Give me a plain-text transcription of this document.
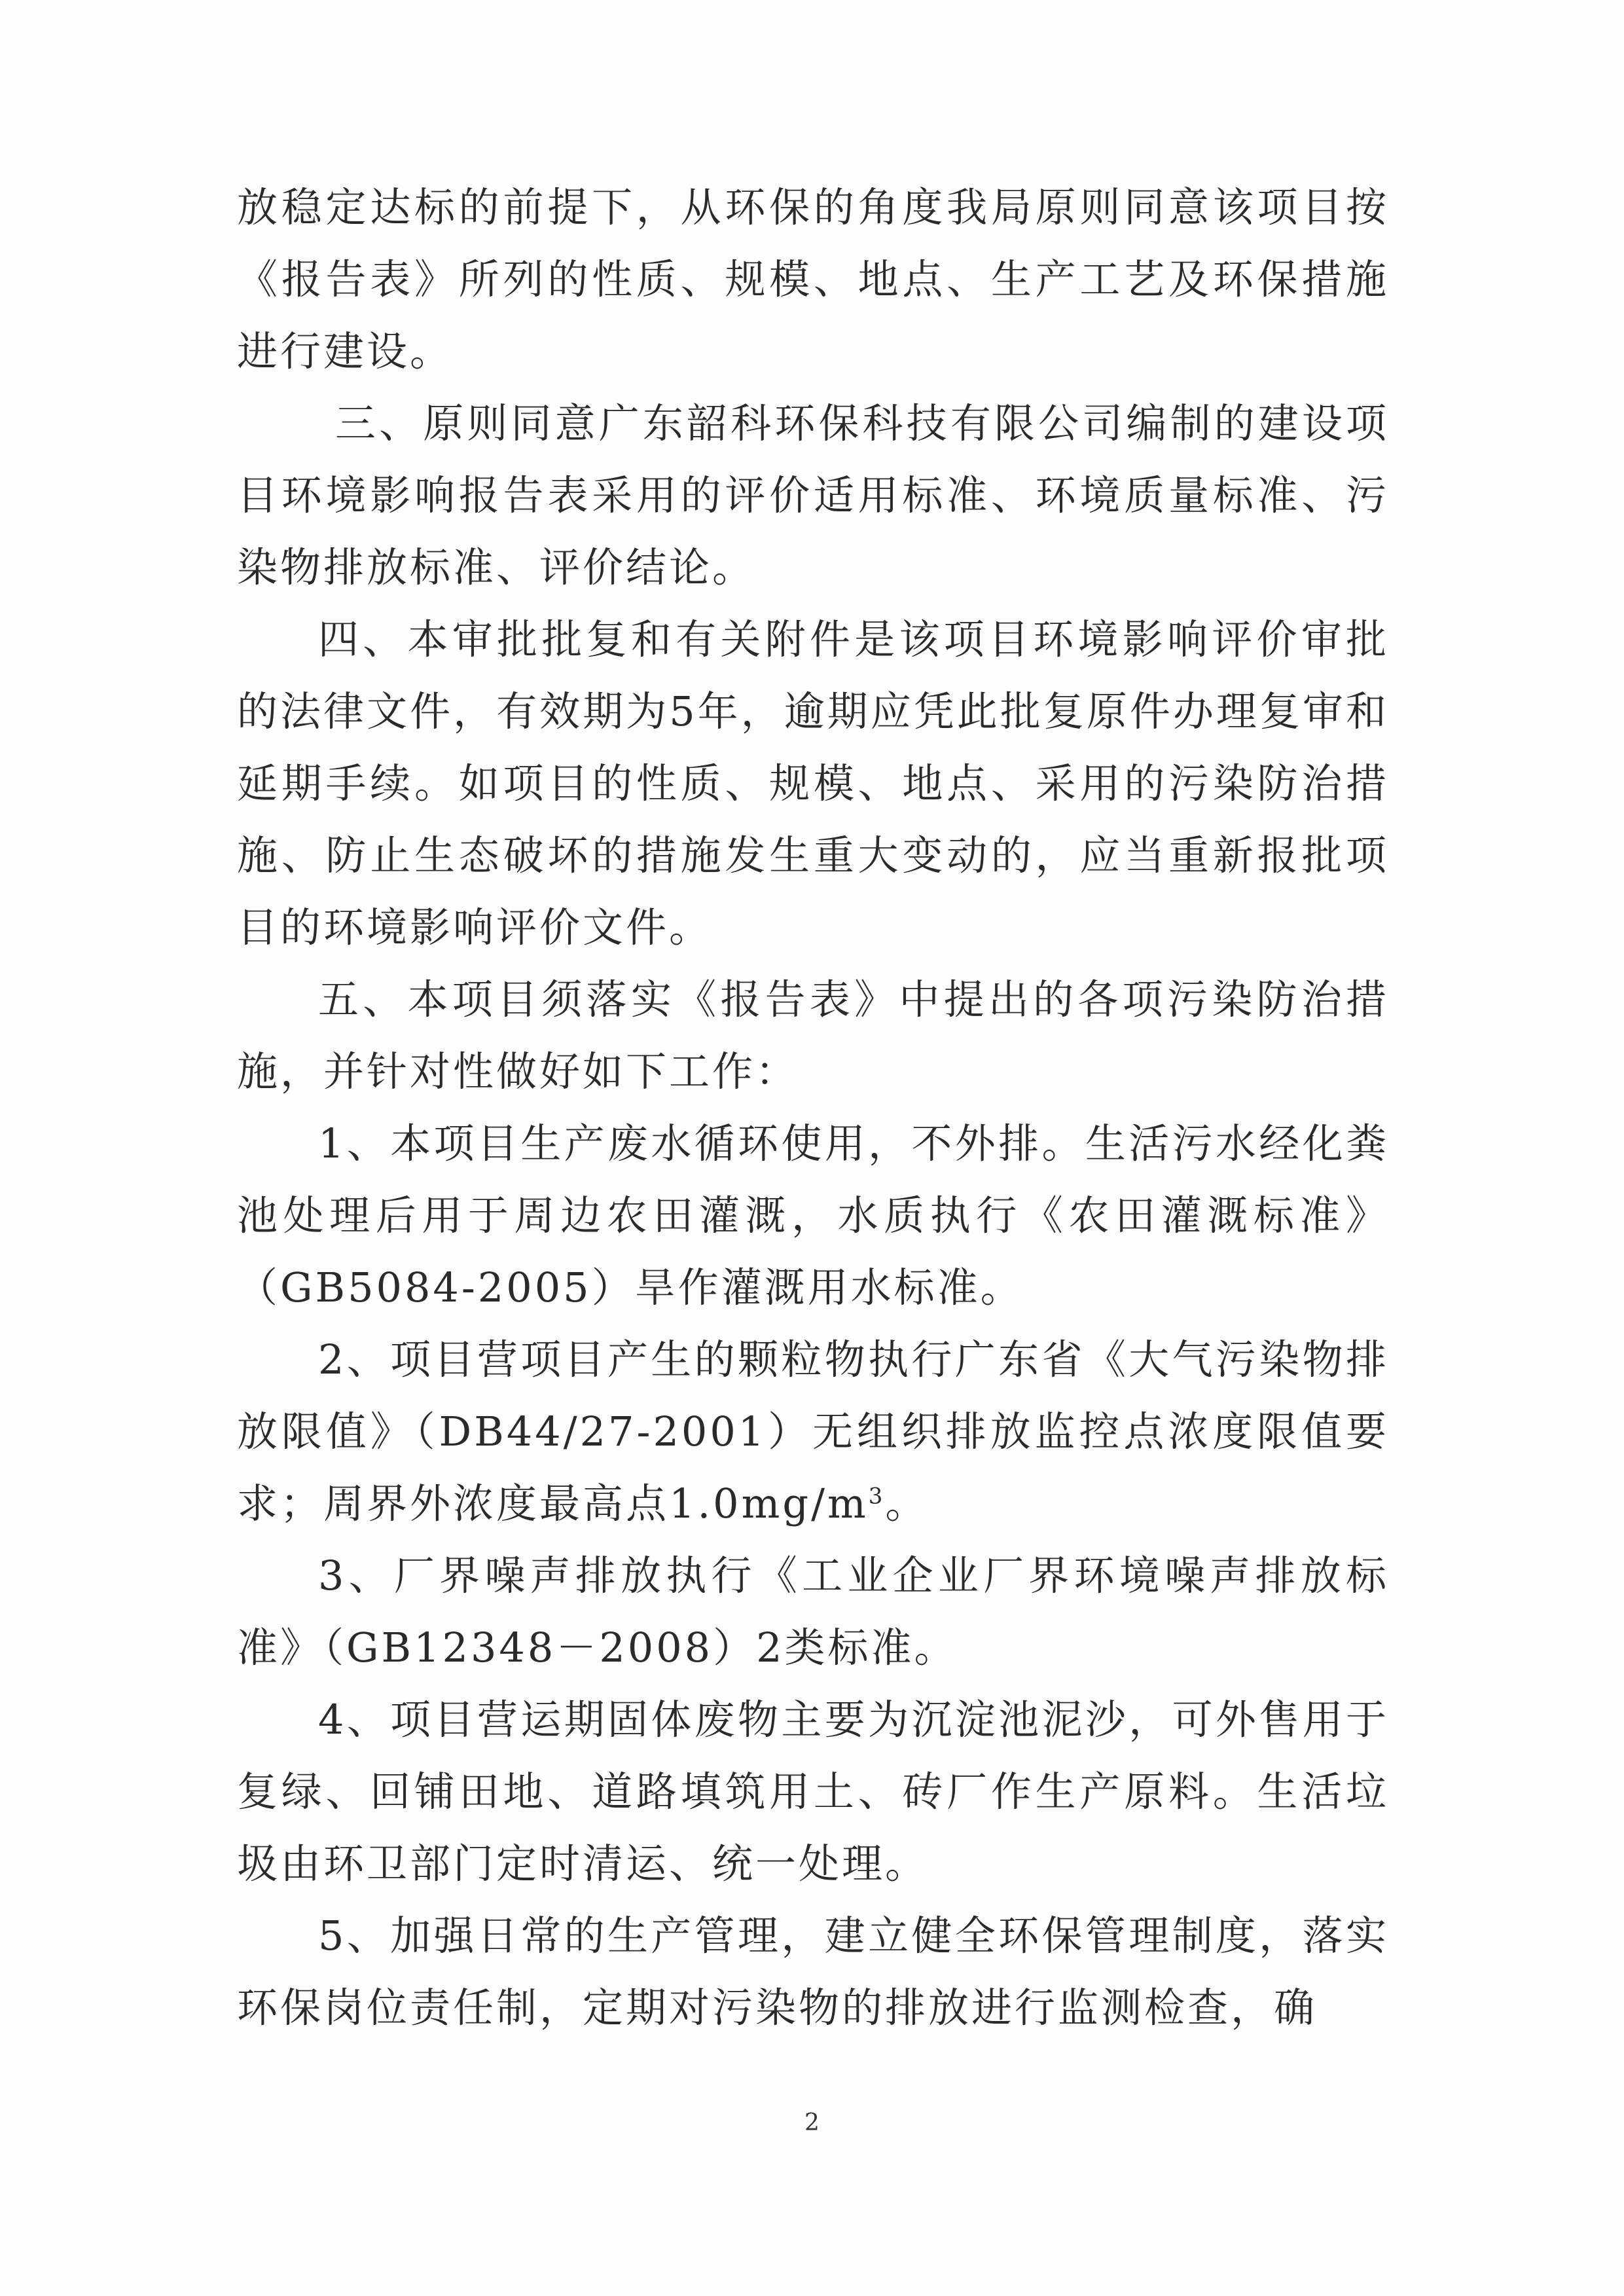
放稳定达标的前提下，从环保的角度我局原则同意该项目按《报告表》所列的性质、规模、地点、生产工艺及环保措施进行建设。

三、原则同意广东韶科环保科技有限公司编制的建设项目环境影响报告表采用的评价适用标准、环境质量标准、污染物排放标准、评价结论。

四、本审批批复和有关附件是该项目环境影响评价审批的法律文件，有效期为5年，逾期应凭此批复原件办理复审和延期手续。如项目的性质、规模、地点、采用的污染防治措施、防止生态破坏的措施发生重大变动的，应当重新报批项目的环境影响评价文件。

五、本项目须落实《报告表》中提出的各项污染防治措施，并针对性做好如下工作：

1、本项目生产废水循环使用，不外排。生活污水经化粪池处理后用于周边农田灌溉，水质执行《农田灌溉标准》（GB5084-2005）旱作灌溉用水标准。

2、项目营项目产生的颗粒物执行广东省《大气污染物排放限值》（DB44/27-2001）无组织排放监控点浓度限值要求；周界外浓度最高点$1.0mg/m^3$。

3、厂界噪声排放执行《工业企业厂界环境噪声排放标准》（GB12348－2008）2类标准。

4、项目营运期固体废物主要为沉淀池泥沙，可外售用于复绿、回铺田地、道路填筑用土、砖厂作生产原料。生活垃圾由环卫部门定时清运、统一处理。

5、加强日常的生产管理，建立健全环保管理制度，落实环保岗位责任制，定期对污染物的排放进行监测检查，确

2
